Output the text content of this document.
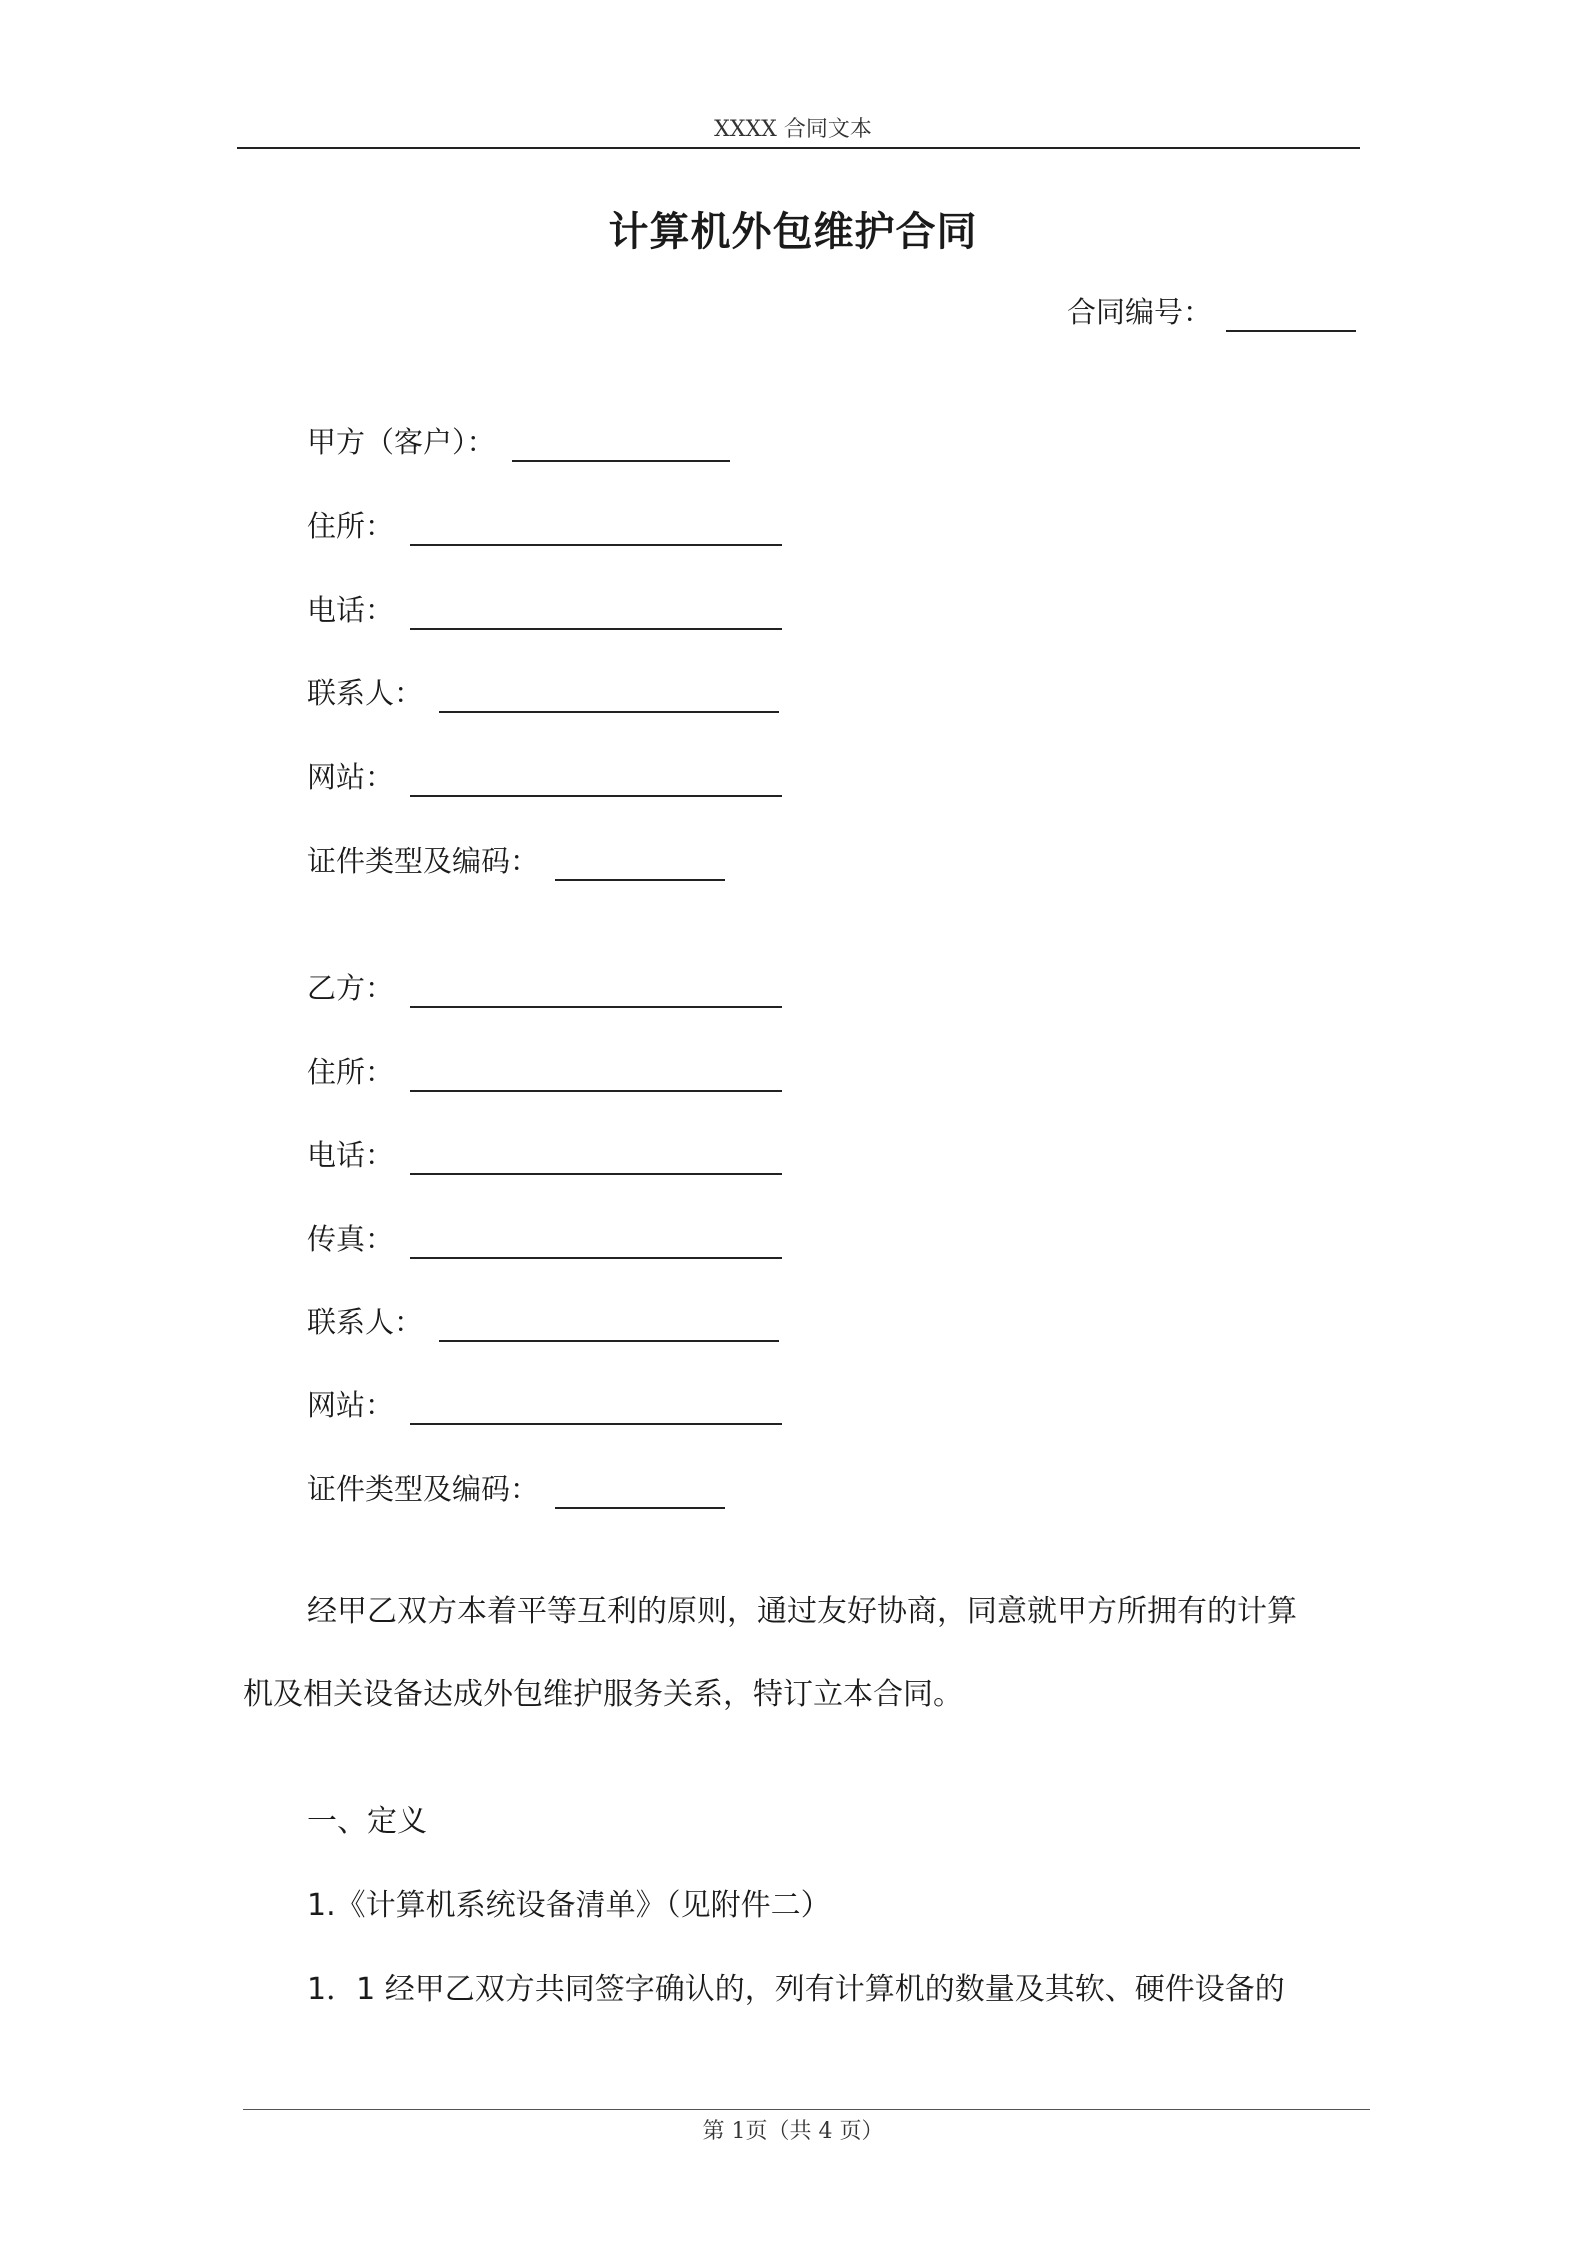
XXXX 合同文本
计算机外包维护合同
合同编号：
甲方（客户）：
住所：
电话：
联系人：
网站：
证件类型及编码：
乙方：
住所：
电话：
传真：
联系人：
网站：
证件类型及编码：
经甲乙双方本着平等互利的原则，通过友好协商，同意就甲方所拥有的计算
机及相关设备达成外包维护服务关系，特订立本合同。
一、定义
1.《计算机系统设备清单》（见附件二）
1．1 经甲乙双方共同签字确认的，列有计算机的数量及其软、硬件设备的
第 1页（共 4 页）
